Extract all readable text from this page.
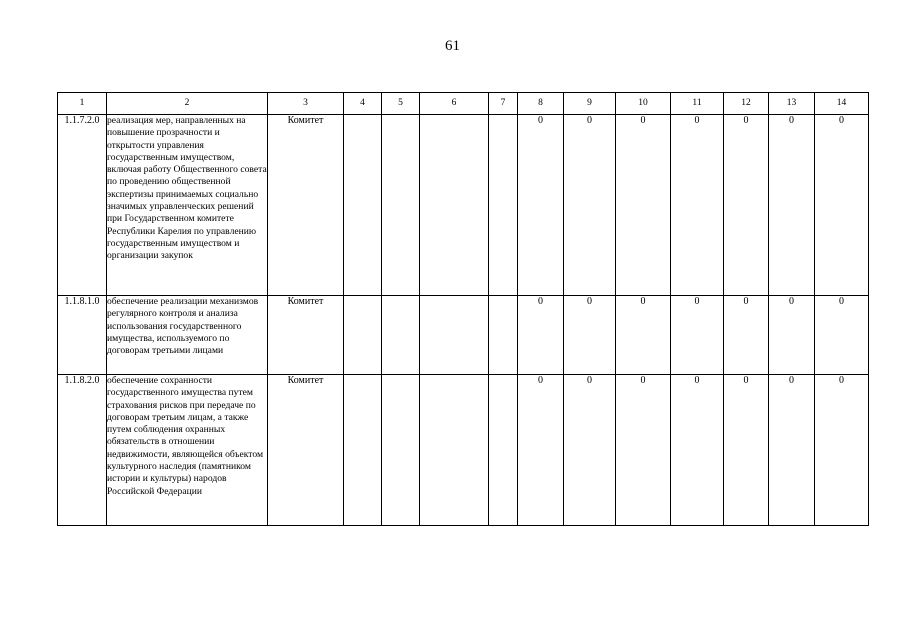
61
1	2	3	4	5	6	7	8	9	10	11	12	13	14
1.1.7.2.0	реализация мер, направленных на повышение прозрачности и открытости управления государственным имуществом, включая работу Общественного совета по проведению общественной экспертизы принимаемых социально значимых управленческих решений при Государственном комитете Республики Карелия по управлению государственным имуществом и организации закупок	Комитет					0	0	0	0	0	0	0
1.1.8.1.0	обеспечение реализации механизмов регулярного контроля и анализа использования государственного имущества, используемого по договорам третьими лицами	Комитет					0	0	0	0	0	0	0
1.1.8.2.0	обеспечение сохранности государственного имущества путем страхования рисков при передаче по договорам третьим лицам, а также путем соблюдения охранных обязательств в отношении недвижимости, являющейся объектом культурного наследия (памятником истории и культуры) народов Российской Федерации	Комитет					0	0	0	0	0	0	0
